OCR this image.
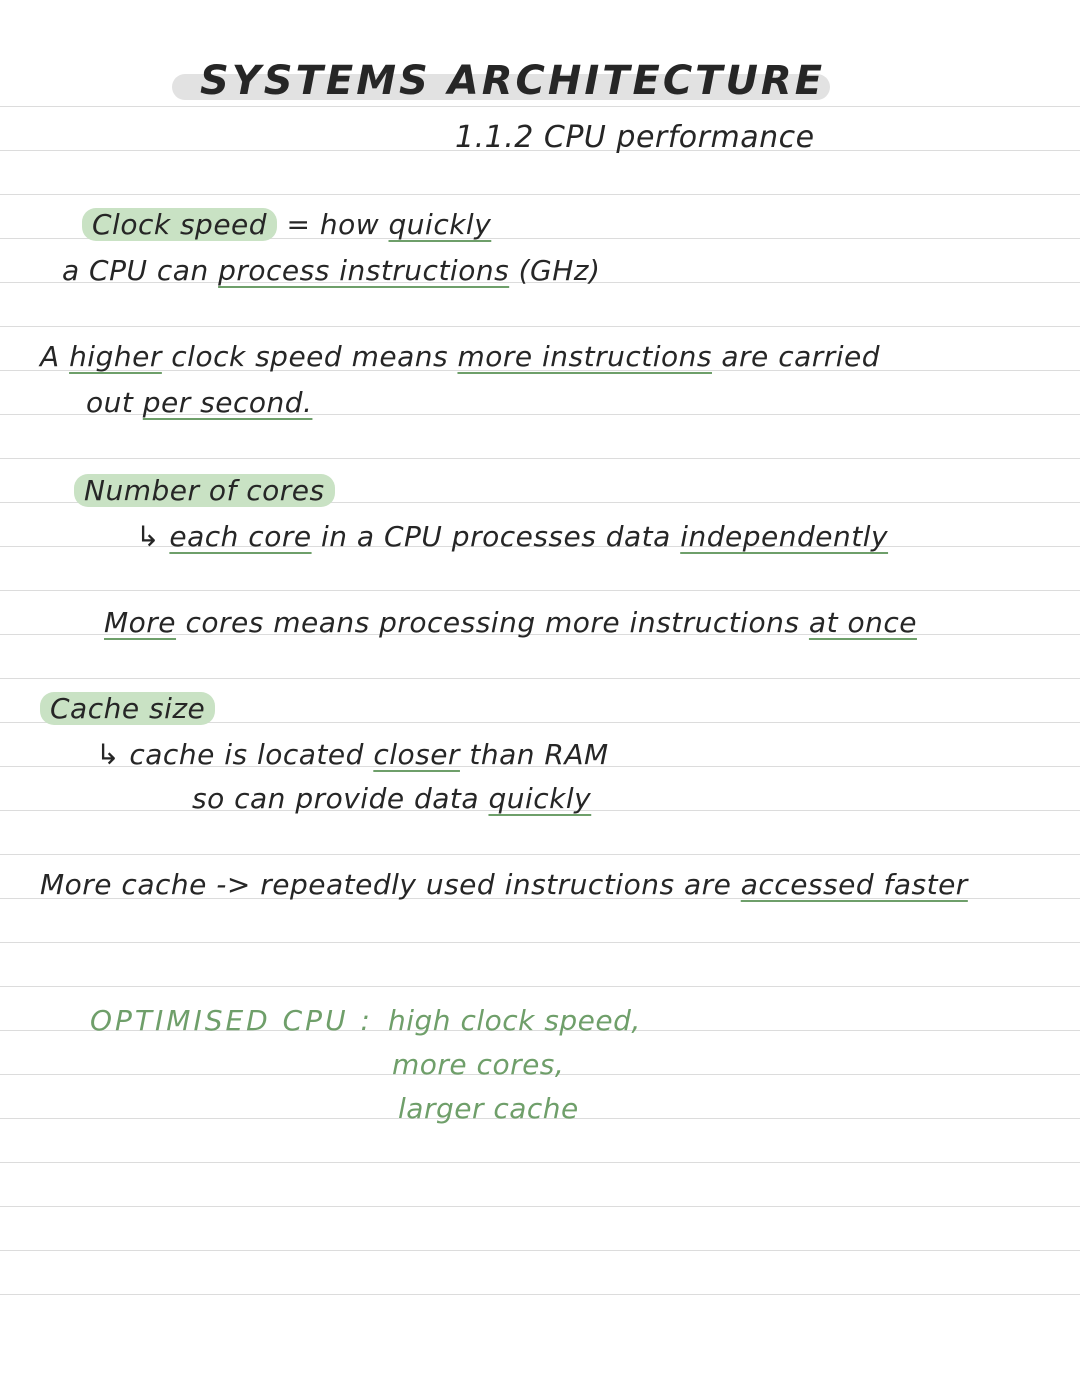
SYSTEMS ARCHITECTURE
1.1.2 CPU performance
Clock speed = how quickly
a CPU can process instructions (GHz)
A higher clock speed means more instructions are carried
out per second.
Number of cores
↳ each core in a CPU processes data independently
More cores means processing more instructions at once
Cache size
↳ cache is located closer than RAM
so can provide data quickly
More cache -> repeatedly used instructions are accessed faster
OPTIMISED CPU : high clock speed,
more cores,
larger cache
